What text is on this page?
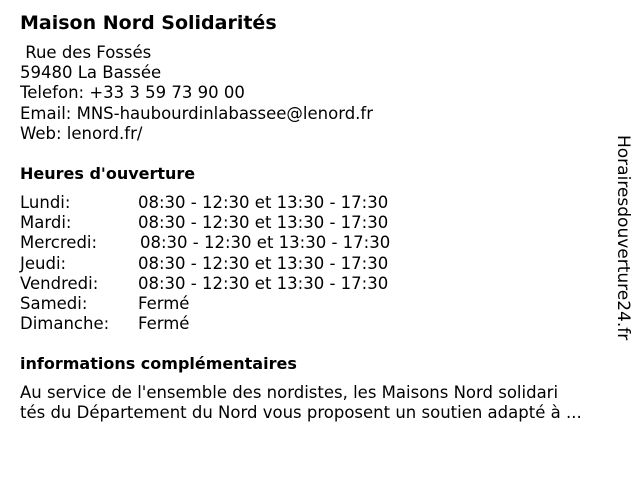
Maison Nord Solidarités
Rue des Fossés
59480 La Bassée
Telefon: +33 3 59 73 90 00
Email: MNS-haubourdinlabassee@lenord.fr
Web: lenord.fr/
Heures d'ouverture
Lundi:	08:30 - 12:30 et 13:30 - 17:30
Mardi:	08:30 - 12:30 et 13:30 - 17:30
Mercredi:	08:30 - 12:30 et 13:30 - 17:30
Jeudi:	08:30 - 12:30 et 13:30 - 17:30
Vendredi: 08:30 - 12:30 et 13:30 - 17:30
Samedi:	Fermé
Dimanche: Fermé
informations complémentaires
Au service de l'ensemble des nordistes, les Maisons Nord solidari
tés du Département du Nord vous proposent un soutien adapté à ...
Horairesdouverture24.fr
